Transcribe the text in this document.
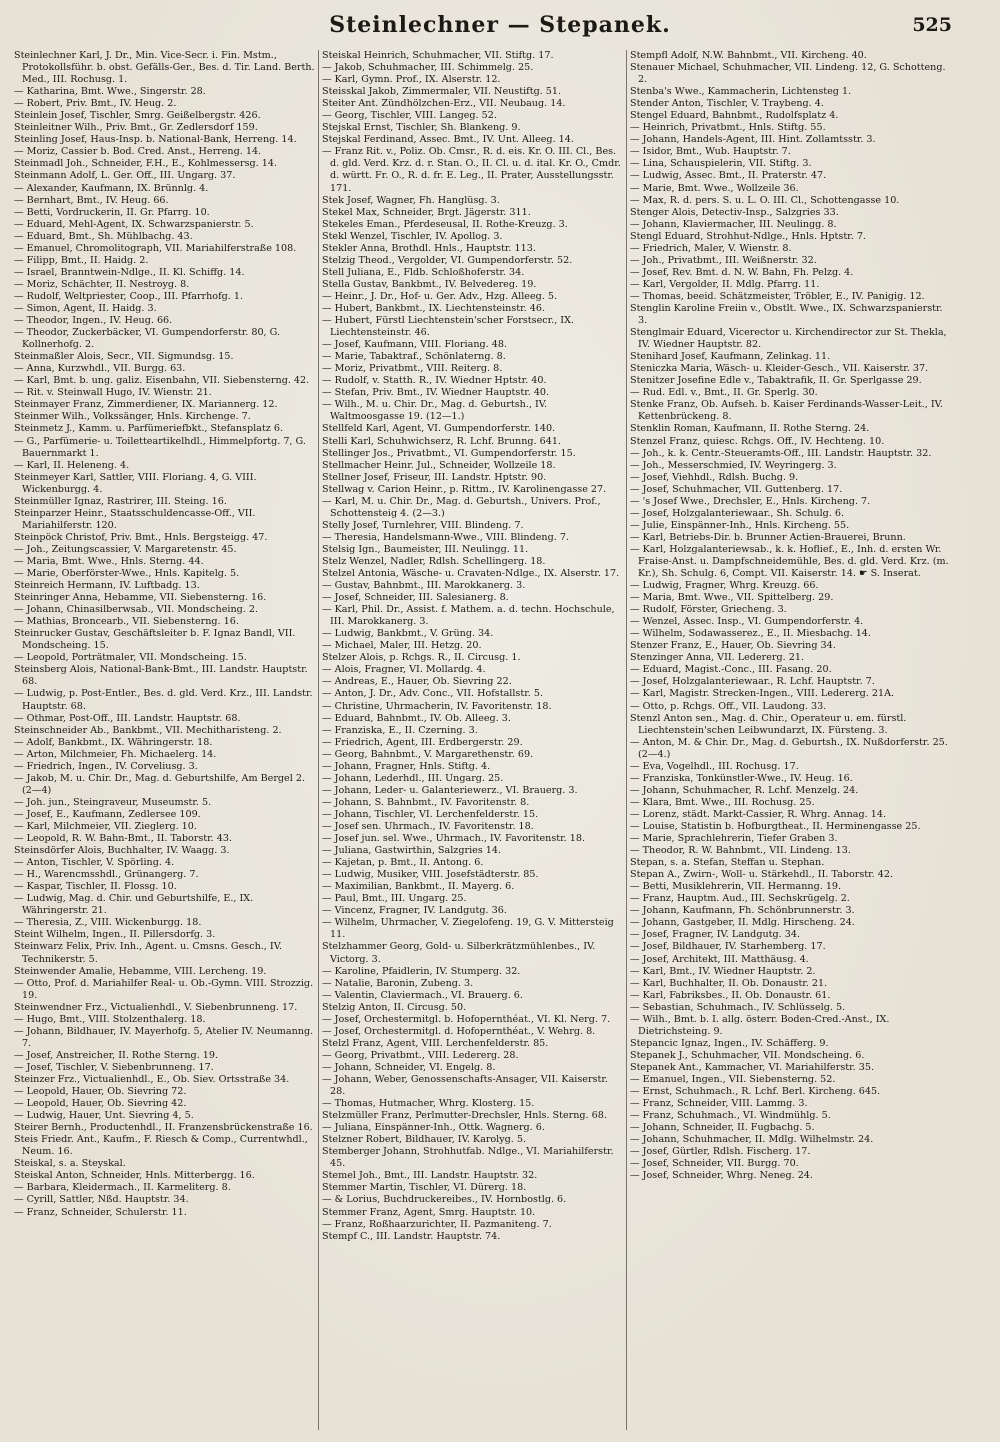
Steinlechner — Stepanek.	525

Steinlechner Karl, J. Dr., Min. Vice-Secr. i. Fin. Mstm., Protokollsführ. b. obst. Gefälls-Ger., Bes. d. Tir. Land. Berth. Med., III. Rochusg. 1.

— Katharina, Bmt. Wwe., Singerstr. 28.

— Robert, Priv. Bmt., IV. Heug. 2.

Steinlein Josef, Tischler, Smrg. Geißelbergstr. 426.

Steinleitner Wilh., Priv. Bmt., Gr. Zedlersdorf 159.

Steinling Josef, Haus-Insp. b. National-Bank, Herreng. 14.

— Moriz, Cassier b. Bod. Cred. Anst., Herreng. 14.

Steinmadl Joh., Schneider, F.H., E., Kohlmessersg. 14.

Steinmann Adolf, L. Ger. Off., III. Ungarg. 37.

— Alexander, Kaufmann, IX. Brünnlg. 4.

— Bernhart, Bmt., IV. Heug. 66.

— Betti, Vordruckerin, II. Gr. Pfarrg. 10.

— Eduard, Mehl-Agent, IX. Schwarzspanierstr. 5.

— Eduard, Bmt., Sh. Mühlbachg. 43.

— Emanuel, Chromolitograph, VII. Mariahilferstraße 108.

— Filipp, Bmt., II. Haidg. 2.

— Israel, Branntwein-Ndlge., II. Kl. Schiffg. 14.

— Moriz, Schächter, II. Nestroyg. 8.

— Rudolf, Weltpriester, Coop., III. Pfarrhofg. 1.

— Simon, Agent, II. Haidg. 3.

— Theodor, Ingen., IV. Heug. 66.

— Theodor, Zuckerbäcker, VI. Gumpendorferstr. 80, G. Kollnerhofg. 2.

Steinmaßler Alois, Secr., VII. Sigmundsg. 15.

— Anna, Kurzwhdl., VII. Burgg. 63.

— Karl, Bmt. b. ung. galiz. Eisenbahn, VII. Siebensterng. 42.

— Rit. v. Steinwall Hugo, IV. Wienstr. 21.

Steinmayer Franz, Zimmerdiener, IX. Mariannerg. 12.

Steinmer Wilh., Volkssänger, Hnls. Kirchenge. 7.

Steinmetz J., Kamm. u. Parfümeriefbkt., Stefansplatz 6.

— G., Parfümerie- u. Toiletteartikelhdl., Himmelpfortg. 7, G. Bauernmarkt 1.

— Karl, II. Heleneng. 4.

Steinmeyer Karl, Sattler, VIII. Floriang. 4, G. VIII. Wickenburgg. 4.

Steinmüller Ignaz, Rastrirer, III. Steing. 16.

Steinparzer Heinr., Staatsschuldencasse-Off., VII. Mariahilferstr. 120.

Steinpöck Christof, Priv. Bmt., Hnls. Bergsteigg. 47.

— Joh., Zeitungscassier, V. Margaretenstr. 45.

— Maria, Bmt. Wwe., Hnls. Sterng. 44.

— Marie, Oberförster-Wwe., Hnls. Kapitelg. 5.

Steinreich Hermann, IV. Luftbadg. 13.

Steinringer Anna, Hebamme, VII. Siebensterng. 16.

— Johann, Chinasilberwsab., VII. Mondscheing. 2.

— Mathias, Broncearb., VII. Siebensterng. 16.

Steinrucker Gustav, Geschäftsleiter b. F. Ignaz Bandl, VII. Mondscheing. 15.

— Leopold, Porträtmaler, VII. Mondscheing. 15.

Steinsberg Alois, National-Bank-Bmt., III. Landstr. Hauptstr. 68.

— Ludwig, p. Post-Entler., Bes. d. gld. Verd. Krz., III. Landstr. Hauptstr. 68.

— Othmar, Post-Off., III. Landstr. Hauptstr. 68.

Steinschneider Ab., Bankbmt., VII. Mechitharisteng. 2.

— Adolf, Bankbmt., IX. Währingerstr. 18.

— Arton, Milchmeier, Fh. Michaelerg. 14.

— Friedrich, Ingen., IV. Corveliusg. 3.

— Jakob, M. u. Chir. Dr., Mag. d. Geburtshilfe, Am Bergel 2. (2—4)

— Joh. jun., Steingraveur, Museumstr. 5.

— Josef, E., Kaufmann, Zedlersee 109.

— Karl, Milchmeier, VII. Zieglerg. 10.

— Leopold, R. W. Bahn-Bmt., II. Taborstr. 43.

Steinsdörfer Alois, Buchhalter, IV. Waagg. 3.

— Anton, Tischler, V. Spörling. 4.

— H., Warencmsshdl., Grünangerg. 7.

— Kaspar, Tischler, II. Flossg. 10.

— Ludwig, Mag. d. Chir. und Geburtshilfe, E., IX. Währingerstr. 21.

— Theresia, Z., VIII. Wickenburgg. 18.

Steint Wilhelm, Ingen., II. Pillersdorfg. 3.

Steinwarz Felix, Priv. Inh., Agent. u. Cmsns. Gesch., IV. Technikerstr. 5.

Steinwender Amalie, Hebamme, VIII. Lercheng. 19.

— Otto, Prof. d. Mariahilfer Real- u. Ob.-Gymn. VIII. Strozzig. 19.

Steinwendner Frz., Victualienhdl., V. Siebenbrunneng. 17.

— Hugo, Bmt., VIII. Stolzenthalerg. 18.

— Johann, Bildhauer, IV. Mayerhofg. 5, Atelier IV. Neumanng. 7.

— Josef, Anstreicher, II. Rothe Sterng. 19.

— Josef, Tischler, V. Siebenbrunneng. 17.

Steinzer Frz., Victualienhdl., E., Ob. Siev. Ortsstraße 34.

— Leopold, Hauer, Ob. Sievring 72.

— Leopold, Hauer, Ob. Sievring 42.

— Ludwig, Hauer, Unt. Sievring 4, 5.

Steirer Bernh., Productenhdl., II. Franzensbrückenstraße 16.

Steis Friedr. Ant., Kaufm., F. Riesch & Comp., Currentwhdl., Neum. 16.

Steiskal, s. a. Steyskal.

Steiskal Anton, Schneider, Hnls. Mitterbergg. 16.

— Barbara, Kleidermach., II. Karmeliterg. 8.

— Cyrill, Sattler, Nßd. Hauptstr. 34.

— Franz, Schneider, Schulerstr. 11.

Steiskal Heinrich, Schuhmacher, VII. Stiftg. 17.

— Jakob, Schuhmacher, III. Schimmelg. 25.

— Karl, Gymn. Prof., IX. Alserstr. 12.

Steisskal Jakob, Zimmermaler, VII. Neustiftg. 51.

Steiter Ant. Zündhölzchen-Erz., VII. Neubaug. 14.

— Georg, Tischler, VIII. Langeg. 52.

Stejskal Ernst, Tischler, Sh. Blankeng. 9.

Stejskal Ferdinand, Assec. Bmt., IV. Unt. Alleeg. 14.

— Franz Rit. v., Poliz. Ob. Cmsr., R. d. eis. Kr. O. III. Cl., Bes. d. gld. Verd. Krz. d. r. Stan. O., II. Cl. u. d. ital. Kr. O., Cmdr. d. württ. Fr. O., R. d. fr. E. Leg., II. Prater, Ausstellungsstr. 171.

Stek Josef, Wagner, Fh. Hanglüsg. 3.

Stekel Max, Schneider, Brgt. Jägerstr. 311.

Stekeles Eman., Pferdeseusal, II. Rothe-Kreuzg. 3.

Stekl Wenzel, Tischler, IV. Apollog. 3.

Stekler Anna, Brothdl. Hnls., Hauptstr. 113.

Stelzig Theod., Vergolder, VI. Gumpendorferstr. 52.

Stell Juliana, E., Fldb. Schloßhoferstr. 34.

Stella Gustav, Bankbmt., IV. Belvedereg. 19.

— Heinr., J. Dr., Hof- u. Ger. Adv., Hzg. Alleeg. 5.

— Hubert, Bankbmt., IX. Liechtensteinstr. 46.

— Hubert, Fürstl Liechtenstein'scher Forstsecr., IX. Liechtensteinstr. 46.

— Josef, Kaufmann, VIII. Floriang. 48.

— Marie, Tabaktraf., Schönlaterng. 8.

— Moriz, Privatbmt., VIII. Reiterg. 8.

— Rudolf, v. Statth. R., IV. Wiedner Hptstr. 40.

— Stefan, Priv. Bmt., IV. Wiedner Hauptstr. 40.

— Wilh., M. u. Chir. Dr., Mag. d. Geburtsh., IV. Waltmoosgasse 19. (12—1.)

Stellfeld Karl, Agent, VI. Gumpendorferstr. 140.

Stelli Karl, Schuhwichserz, R. Lchf. Brunng. 641.

Stellinger Jos., Privatbmt., VI. Gumpendorferstr. 15.

Stellmacher Heinr. Jul., Schneider, Wollzeile 18.

Stellner Josef, Friseur, III. Landstr. Hptstr. 90.

Stellwag v. Carion Heinr., p. Rittm., IV. Karolinengasse 27.

— Karl, M. u. Chir. Dr., Mag. d. Geburtsh., Univers. Prof., Schottensteig 4. (2—3.)

Stelly Josef, Turnlehrer, VIII. Blindeng. 7.

— Theresia, Handelsmann-Wwe., VIII. Blindeng. 7.

Stelsig Ign., Baumeister, III. Neulingg. 11.

Stelz Wenzel, Nadler, Rdlsh. Schellingerg. 18.

Stelzel Antonia, Wäsche- u. Cravaten-Ndlge., IX. Alserstr. 17.

— Gustav, Bahnbmt., III. Marokkanerg. 3.

— Josef, Schneider, III. Salesianerg. 8.

— Karl, Phil. Dr., Assist. f. Mathem. a. d. techn. Hochschule, III. Marokkanerg. 3.

— Ludwig, Bankbmt., V. Grüng. 34.

— Michael, Maler, III. Hetzg. 20.

Stelzer Alois, p. Rchgs. R., II. Circusg. 1.

— Alois, Fragner, VI. Mollardg. 4.

— Andreas, E., Hauer, Ob. Sievring 22.

— Anton, J. Dr., Adv. Conc., VII. Hofstallstr. 5.

— Christine, Uhrmacherin, IV. Favoritenstr. 18.

— Eduard, Bahnbmt., IV. Ob. Alleeg. 3.

— Franziska, E., II. Czerning. 3.

— Friedrich, Agent, III. Erdbergerstr. 29.

— Georg, Bahnbmt., V. Margarethenstr. 69.

— Johann, Fragner, Hnls. Stiftg. 4.

— Johann, Lederhdl., III. Ungarg. 25.

— Johann, Leder- u. Galanteriewerz., VI. Brauerg. 3.

— Johann, S. Bahnbmt., IV. Favoritenstr. 8.

— Johann, Tischler, VI. Lerchenfelderstr. 15.

— Josef sen. Uhrmach., IV. Favoritenstr. 18.

— Josef jun. sel. Wwe., Uhrmach., IV. Favoritenstr. 18.

— Juliana, Gastwirthin, Salzgries 14.

— Kajetan, p. Bmt., II. Antong. 6.

— Ludwig, Musiker, VIII. Josefstädterstr. 85.

— Maximilian, Bankbmt., II. Mayerg. 6.

— Paul, Bmt., III. Ungarg. 25.

— Vincenz, Fragner, IV. Landgutg. 36.

— Wilhelm, Uhrmacher, V. Ziegelofeng. 19, G. V. Mittersteig 11.

Stelzhammer Georg, Gold- u. Silberkrätzmühlenbes., IV. Victorg. 3.

— Karoline, Pfaidlerin, IV. Stumperg. 32.

— Natalie, Baronin, Zubeng. 3.

— Valentin, Claviermach., VI. Brauerg. 6.

Stelzig Anton, II. Circusg. 50.

— Josef, Orchestermitgl. b. Hofopernthéat., VI. Kl. Nerg. 7.

— Josef, Orchestermitgl. d. Hofopernthéat., V. Wehrg. 8.

Stelzl Franz, Agent, VIII. Lerchenfelderstr. 85.

— Georg, Privatbmt., VIII. Ledererg. 28.

— Johann, Schneider, VI. Engelg. 8.

— Johann, Weber, Genossenschafts-Ansager, VII. Kaiserstr. 28.

— Thomas, Hutmacher, Whrg. Klosterg. 15.

Stelzmüller Franz, Perlmutter-Drechsler, Hnls. Sterng. 68.

— Juliana, Einspänner-Inh., Ottk. Wagnerg. 6.

Stelzner Robert, Bildhauer, IV. Karolyg. 5.

Stemberger Johann, Strohhutfab. Ndlge., VI. Mariahilferstr. 45.

Stemel Joh., Bmt., III. Landstr. Hauptstr. 32.

Stemmer Martin, Tischler, VI. Dürerg. 18.

— & Lorius, Buchdruckereibes., IV. Hornbostlg. 6.

Stemmer Franz, Agent, Smrg. Hauptstr. 10.

— Franz, Roßhaarzurichter, II. Pazmaniteng. 7.

Stempf C., III. Landstr. Hauptstr. 74.

Stempfl Adolf, N.W. Bahnbmt., VII. Kircheng. 40.

Stenauer Michael, Schuhmacher, VII. Lindeng. 12, G. Schotteng. 2.

Stenba's Wwe., Kammacherin, Lichtensteg 1.

Stender Anton, Tischler, V. Traybeng. 4.

Stengel Eduard, Bahnbmt., Rudolfsplatz 4.

— Heinrich, Privatbmt., Hnls. Stiftg. 55.

— Johann, Handels-Agent, III. Hint. Zollamtsstr. 3.

— Isidor, Bmt., Wub. Hauptstr. 7.

— Lina, Schauspielerin, VII. Stiftg. 3.

— Ludwig, Assec. Bmt., II. Praterstr. 47.

— Marie, Bmt. Wwe., Wollzeile 36.

— Max, R. d. pers. S. u. L. O. III. Cl., Schottengasse 10.

Stenger Alois, Detectiv-Insp., Salzgries 33.

— Johann, Klaviermacher, III. Neulingg. 8.

Stengl Eduard, Strohhut-Ndlge., Hnls. Hptstr. 7.

— Friedrich, Maler, V. Wienstr. 8.

— Joh., Privatbmt., III. Weißnerstr. 32.

— Josef, Rev. Bmt. d. N. W. Bahn, Fh. Pelzg. 4.

— Karl, Vergolder, II. Mdlg. Pfarrg. 11.

— Thomas, beeid. Schätzmeister, Tröbler, E., IV. Panigig. 12.

Stenglin Karoline Freiin v., Obstlt. Wwe., IX. Schwarzspanierstr. 3.

Stenglmair Eduard, Vicerector u. Kirchendirector zur St. Thekla, IV. Wiedner Hauptstr. 82.

Stenihard Josef, Kaufmann, Zelinkag. 11.

Steniczka Maria, Wäsch- u. Kleider-Gesch., VII. Kaiserstr. 37.

Stenitzer Josefine Edle v., Tabaktrafik, II. Gr. Sperlgasse 29.

— Rud. Edl. v., Bmt., II. Gr. Sperlg. 30.

Stenke Franz, Ob. Aufseh. b. Kaiser Ferdinands-Wasser-Leit., IV. Kettenbrückeng. 8.

Stenklin Roman, Kaufmann, II. Rothe Sterng. 24.

Stenzel Franz, quiesc. Rchgs. Off., IV. Hechteng. 10.

— Joh., k. k. Centr.-Steueramts-Off., III. Landstr. Hauptstr. 32.

— Joh., Messerschmied, IV. Weyringerg. 3.

— Josef, Viehhdl., Rdlsh. Buchg. 9.

— Josef, Schuhmacher, VII. Guttenberg. 17.

— 's Josef Wwe., Drechsler, E., Hnls. Kircheng. 7.

— Josef, Holzgalanteriewaar., Sh. Schulg. 6.

— Julie, Einspänner-Inh., Hnls. Kircheng. 55.

— Karl, Betriebs-Dir. b. Brunner Actien-Brauerei, Brunn.

— Karl, Holzgalanteriewsab., k. k. Hoflief., E., Inh. d. ersten Wr. Fraise-Anst. u. Dampfschneidemühle, Bes. d. gld. Verd. Krz. (m. Kr.), Sh. Schulg. 6, Compt. VII. Kaiserstr. 14. ☛ S. Inserat.

— Ludwig, Fragner, Whrg. Kreuzg. 66.

— Maria, Bmt. Wwe., VII. Spittelberg. 29.

— Rudolf, Förster, Griecheng. 3.

— Wenzel, Assec. Insp., VI. Gumpendorferstr. 4.

— Wilhelm, Sodawasserez., E., II. Miesbachg. 14.

Stenzer Franz, E., Hauer, Ob. Sievring 34.

Stenzinger Anna, VII. Ledererg. 21.

— Eduard, Magist.-Conc., III. Fasang. 20.

— Josef, Holzgalanteriewaar., R. Lchf. Hauptstr. 7.

— Karl, Magistr. Strecken-Ingen., VIII. Ledererg. 21A.

— Otto, p. Rchgs. Off., VII. Laudong. 33.

Stenzl Anton sen., Mag. d. Chir., Operateur u. em. fürstl. Liechtenstein'schen Leibwundarzt, IX. Fürsteng. 3.

— Anton, M. & Chir. Dr., Mag. d. Geburtsh., IX. Nußdorferstr. 25. (2—4.)

— Eva, Vogelhdl., III. Rochusg. 17.

— Franziska, Tonkünstler-Wwe., IV. Heug. 16.

— Johann, Schuhmacher, R. Lchf. Menzelg. 24.

— Klara, Bmt. Wwe., III. Rochusg. 25.

— Lorenz, städt. Markt-Cassier, R. Whrg. Annag. 14.

— Louise, Statistin b. Hofburgtheat., II. Herminengasse 25.

— Marie, Sprachlehrerin, Tiefer Graben 3.

— Theodor, R. W. Bahnbmt., VII. Lindeng. 13.

Stepan, s. a. Stefan, Steffan u. Stephan.

Stepan A., Zwirn-, Woll- u. Stärkehdl., II. Taborstr. 42.

— Betti, Musiklehrerin, VII. Hermanng. 19.

— Franz, Hauptm. Aud., III. Sechskrügelg. 2.

— Johann, Kaufmann, Fh. Schönbrunnerstr. 3.

— Johann, Gastgeber, II. Mdlg. Hirscheng. 24.

— Josef, Fragner, IV. Landgutg. 34.

— Josef, Bildhauer, IV. Starhemberg. 17.

— Josef, Architekt, III. Matthäusg. 4.

— Karl, Bmt., IV. Wiedner Hauptstr. 2.

— Karl, Buchhalter, II. Ob. Donaustr. 21.

— Karl, Fabriksbes., II. Ob. Donaustr. 61.

— Sebastian, Schuhmach., IV. Schlüsselg. 5.

— Wilh., Bmt. b. I. allg. österr. Boden-Cred.-Anst., IX. Dietrichsteing. 9.

Stepancic Ignaz, Ingen., IV. Schäfferg. 9.

Stepanek J., Schuhmacher, VII. Mondscheing. 6.

Stepanek Ant., Kammacher, VI. Mariahilferstr. 35.

— Emanuel, Ingen., VII. Siebensterng. 52.

— Ernst, Schuhmach., R. Lchf. Berl. Kircheng. 645.

— Franz, Schneider, VIII. Lammg. 3.

— Franz, Schuhmach., VI. Windmühlg. 5.

— Johann, Schneider, II. Fugbachg. 5.

— Johann, Schuhmacher, II. Mdlg. Wilhelmstr. 24.

— Josef, Gürtler, Rdlsh. Fischerg. 17.

— Josef, Schneider, VII. Burgg. 70.

— Josef, Schneider, Whrg. Neneg. 24.
